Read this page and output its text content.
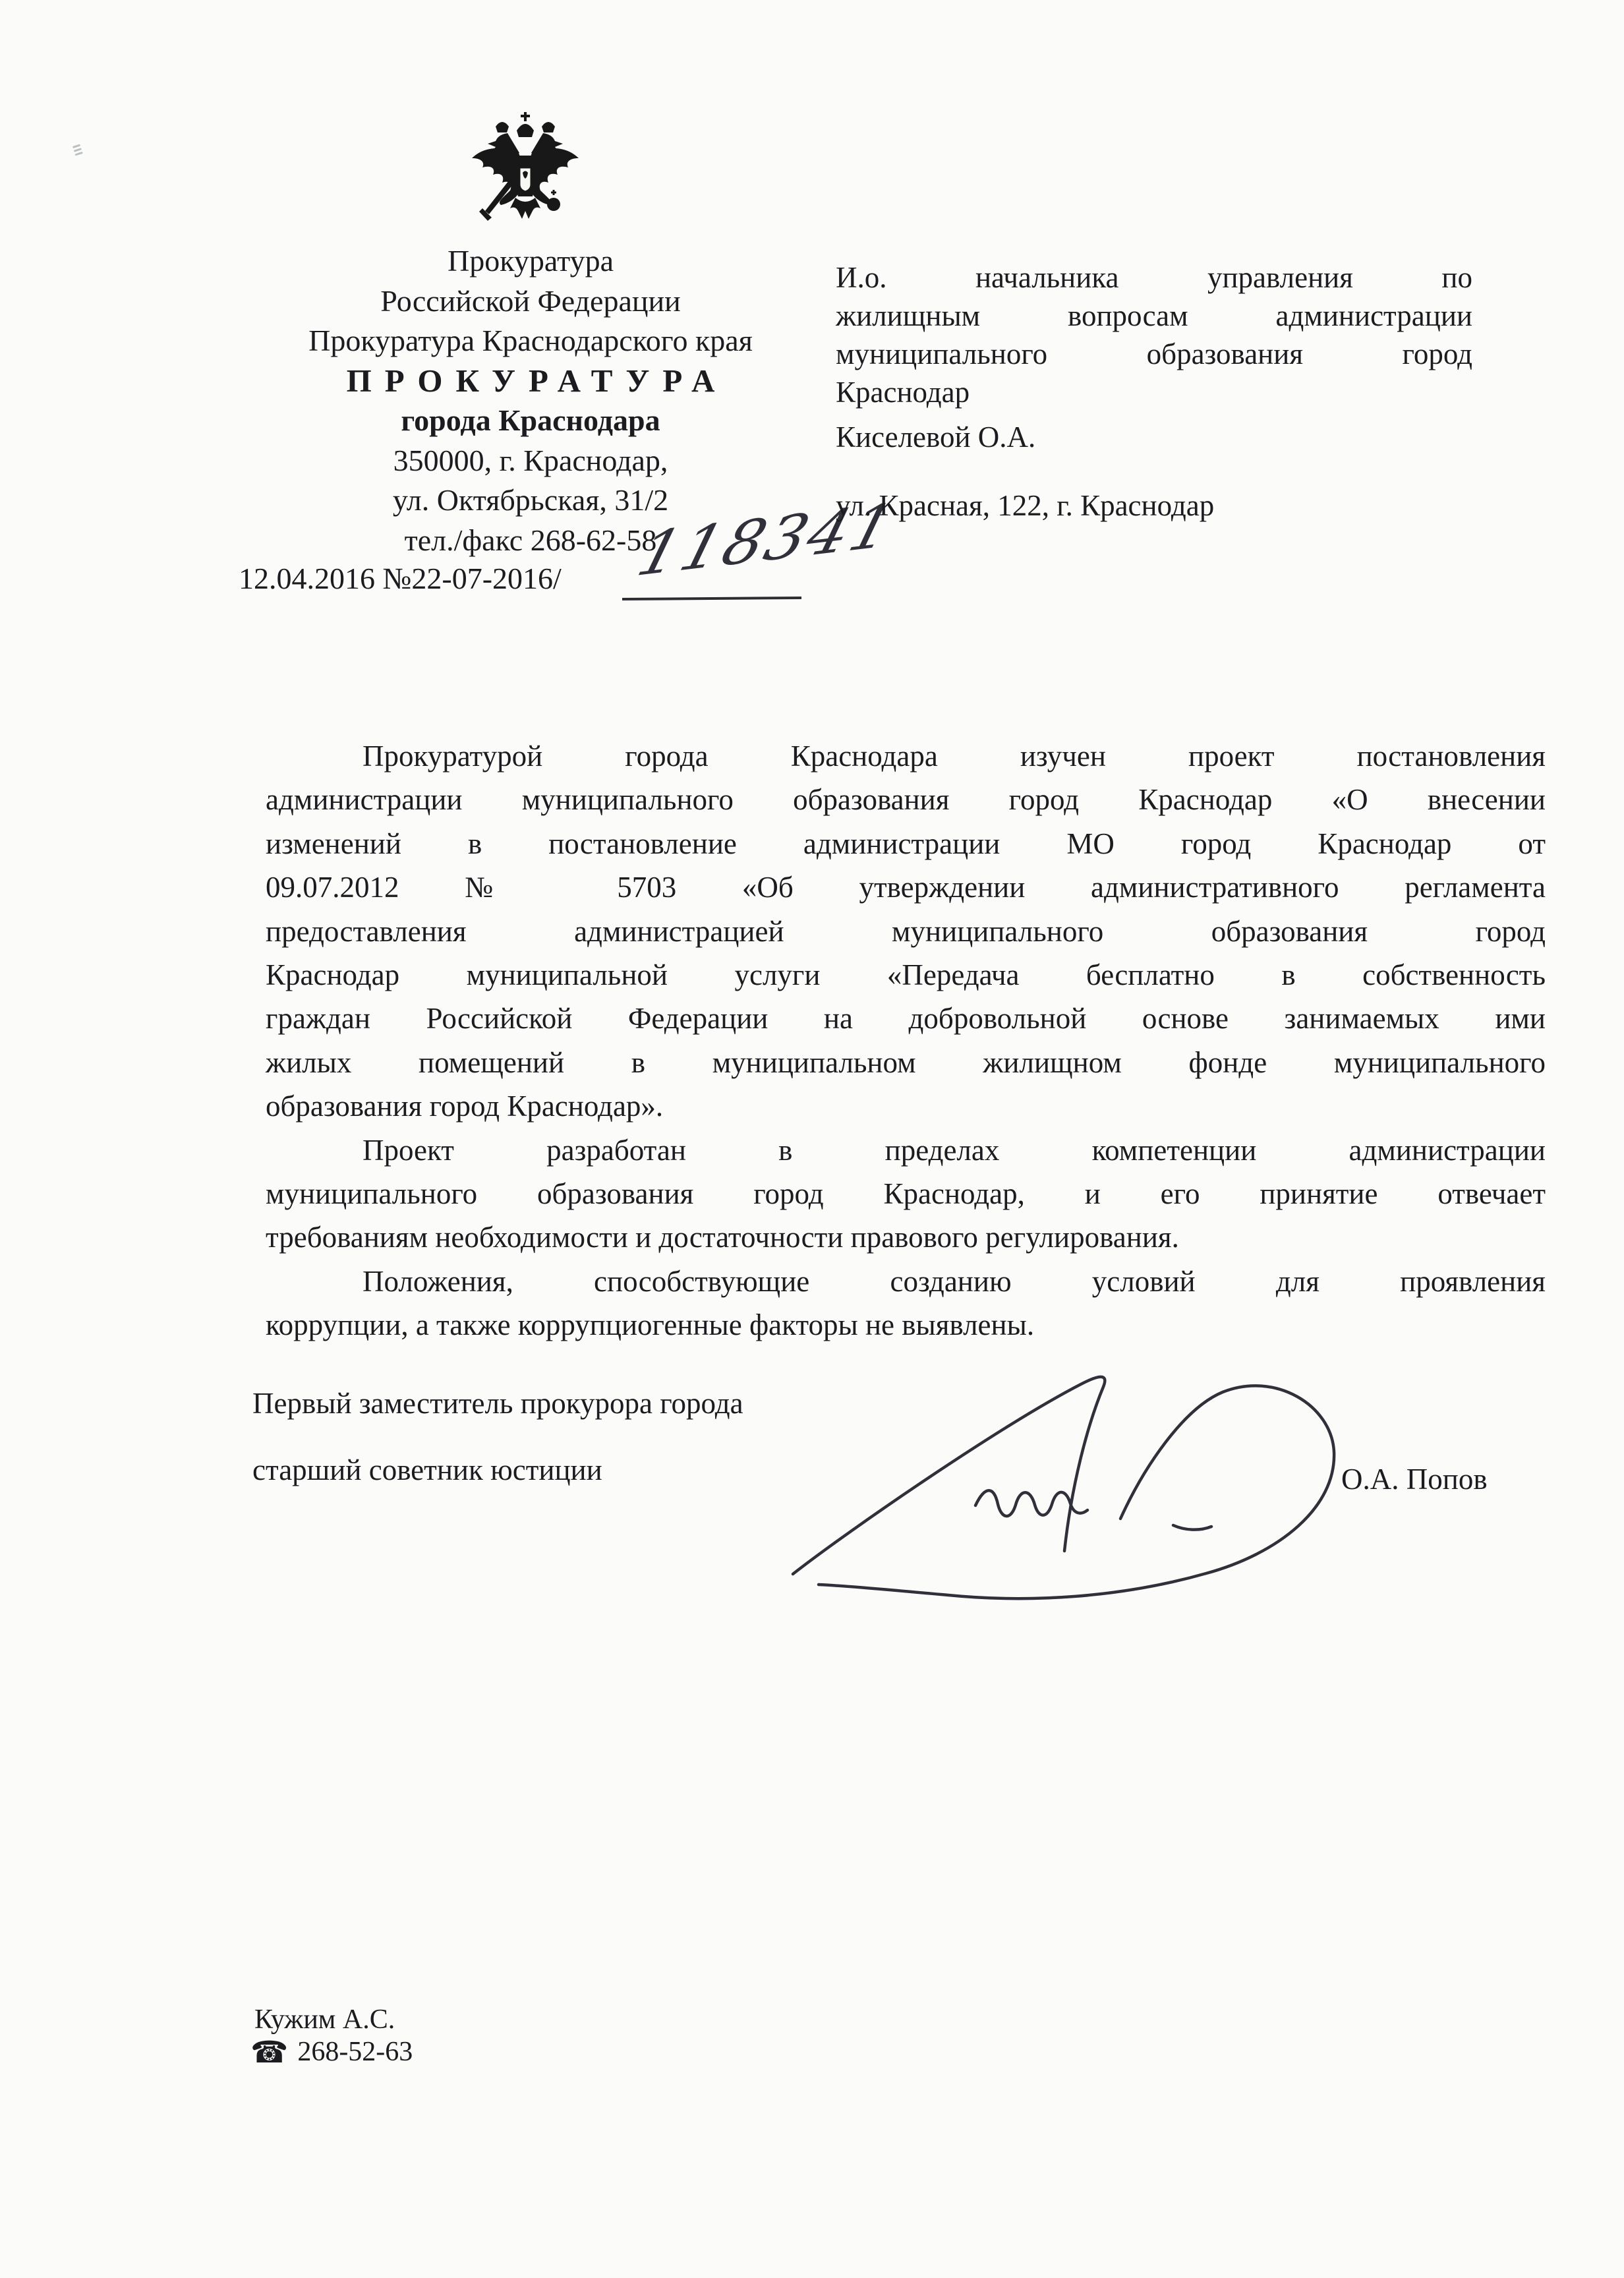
Прокуратура
Российской Федерации
Прокуратура Краснодарского края
ПРОКУРАТУРА
города Краснодара
350000, г. Краснодар,
ул. Октябрьская, 31/2
тел./факс 268-62-58
12.04.2016 №22-07-2016/ 118341
И.о. начальника управления по
жилищным вопросам администрации
муниципального образования город
Краснодар
Киселевой О.А.
ул. Красная, 122, г. Краснодар
Прокуратурой города Краснодара изучен проект постановления
администрации муниципального образования город Краснодар «О внесении
изменений в постановление администрации МО город Краснодар от
09.07.2012 № 5703 «Об утверждении административного регламента
предоставления администрацией муниципального образования город
Краснодар муниципальной услуги «Передача бесплатно в собственность
граждан Российской Федерации на добровольной основе занимаемых ими
жилых помещений в муниципальном жилищном фонде муниципального
образования город Краснодар».
Проект разработан в пределах компетенции администрации
муниципального образования город Краснодар, и его принятие отвечает
требованиям необходимости и достаточности правового регулирования.
Положения, способствующие созданию условий для проявления
коррупции, а также коррупциогенные факторы не выявлены.
Первый заместитель прокурора города
старший советник юстиции	О.А. Попов
Кужим А.С.
☎ 268-52-63
